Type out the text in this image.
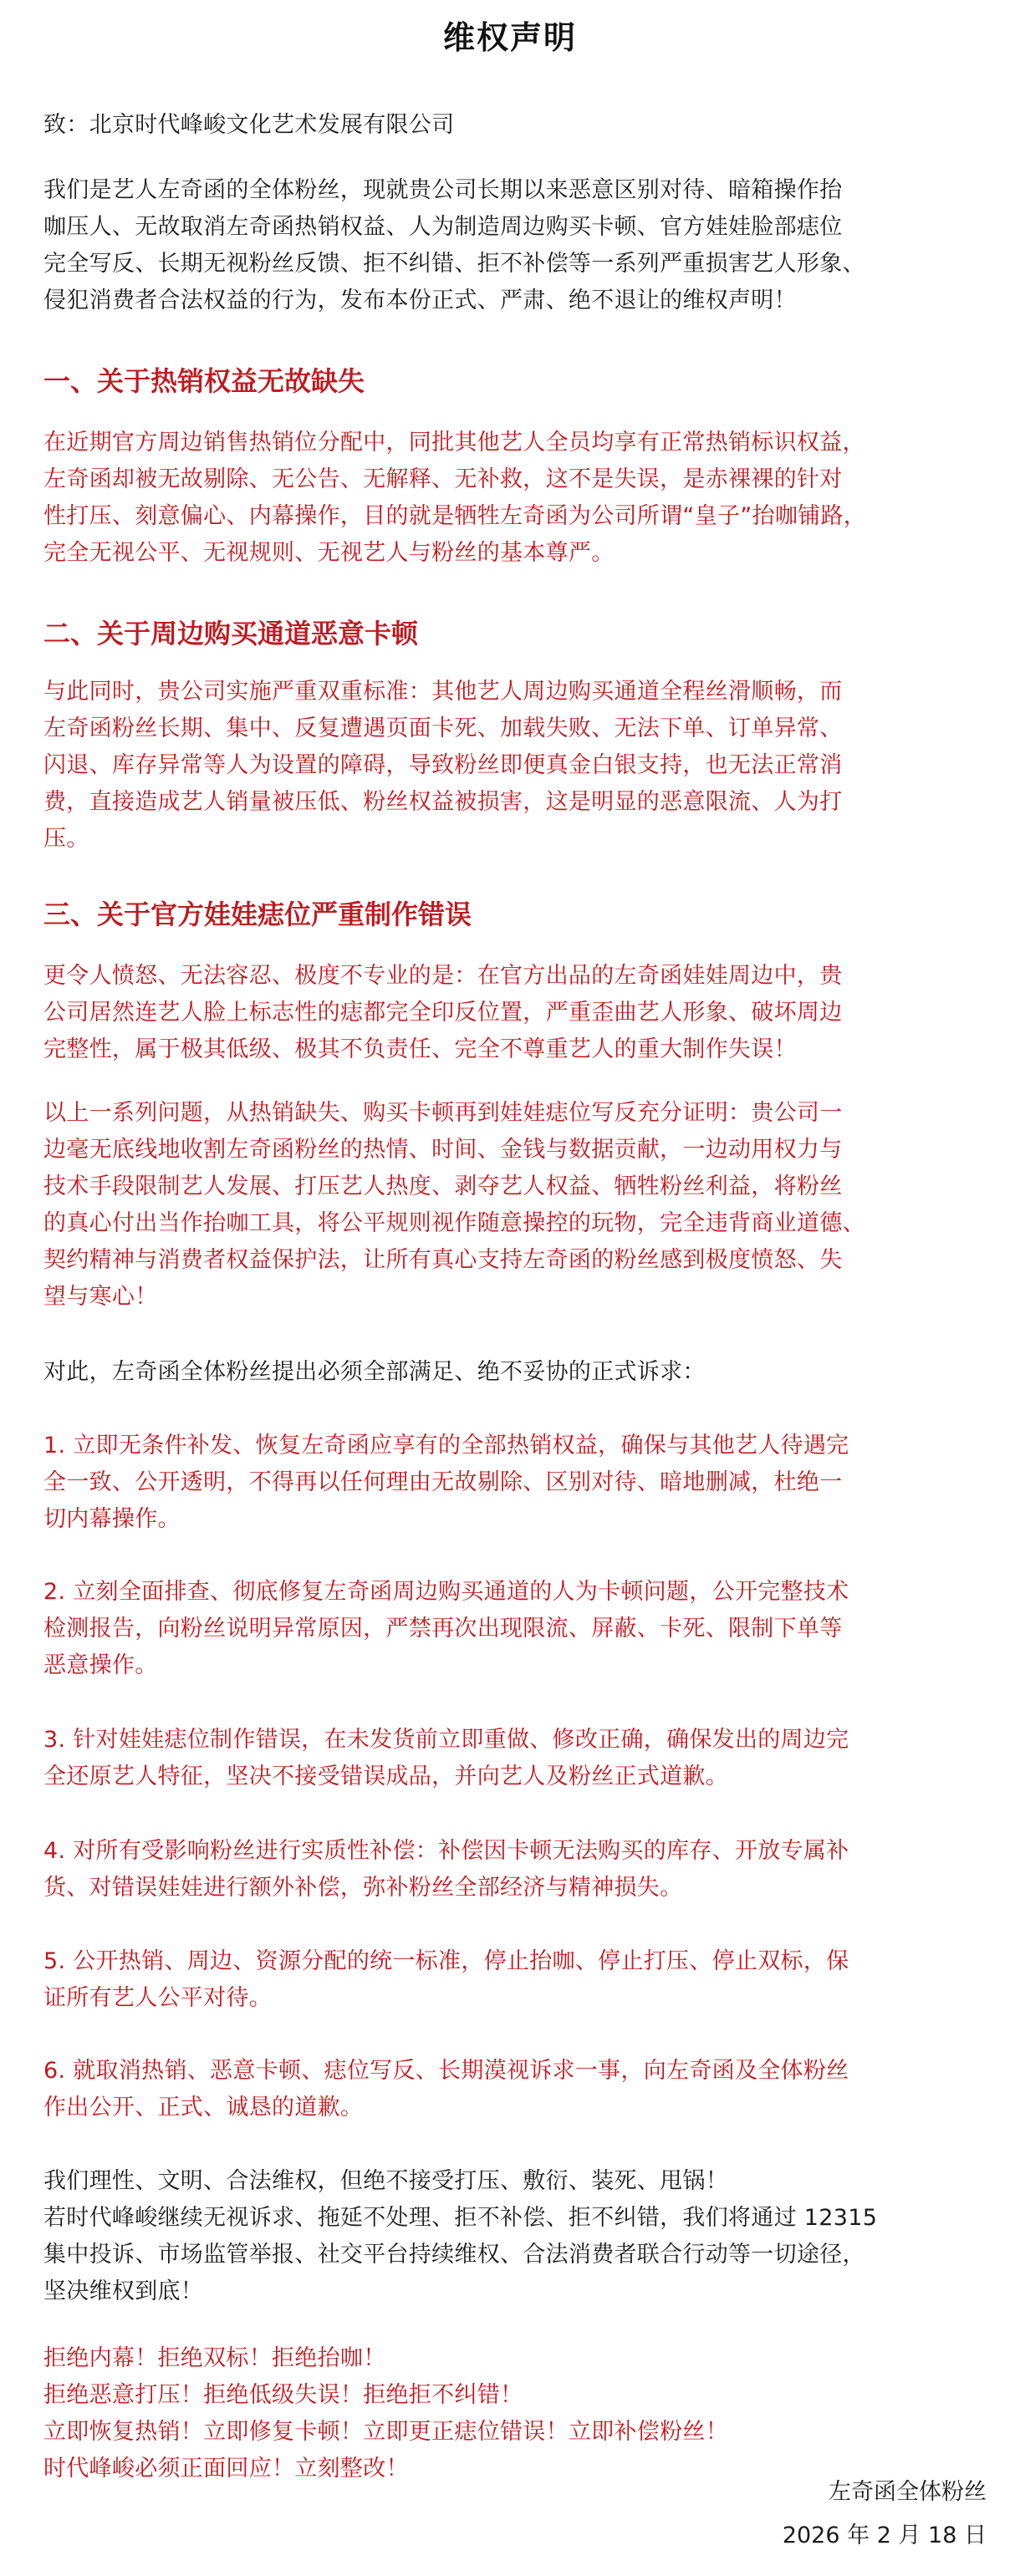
维权声明

致：北京时代峰峻文化艺术发展有限公司

我们是艺人左奇函的全体粉丝，现就贵公司长期以来恶意区别对待、暗箱操作抬
咖压人、无故取消左奇函热销权益、人为制造周边购买卡顿、官方娃娃脸部痣位
完全写反、长期无视粉丝反馈、拒不纠错、拒不补偿等一系列严重损害艺人形象、
侵犯消费者合法权益的行为，发布本份正式、严肃、绝不退让的维权声明！

一、关于热销权益无故缺失

在近期官方周边销售热销位分配中，同批其他艺人全员均享有正常热销标识权益，
左奇函却被无故剔除、无公告、无解释、无补救，这不是失误，是赤裸裸的针对
性打压、刻意偏心、内幕操作，目的就是牺牲左奇函为公司所谓“皇子”抬咖铺路，
完全无视公平、无视规则、无视艺人与粉丝的基本尊严。

二、关于周边购买通道恶意卡顿

与此同时，贵公司实施严重双重标准：其他艺人周边购买通道全程丝滑顺畅，而
左奇函粉丝长期、集中、反复遭遇页面卡死、加载失败、无法下单、订单异常、
闪退、库存异常等人为设置的障碍，导致粉丝即便真金白银支持，也无法正常消
费，直接造成艺人销量被压低、粉丝权益被损害，这是明显的恶意限流、人为打
压。

三、关于官方娃娃痣位严重制作错误

更令人愤怒、无法容忍、极度不专业的是：在官方出品的左奇函娃娃周边中，贵
公司居然连艺人脸上标志性的痣都完全印反位置，严重歪曲艺人形象、破坏周边
完整性，属于极其低级、极其不负责任、完全不尊重艺人的重大制作失误！

以上一系列问题，从热销缺失、购买卡顿再到娃娃痣位写反充分证明：贵公司一
边毫无底线地收割左奇函粉丝的热情、时间、金钱与数据贡献，一边动用权力与
技术手段限制艺人发展、打压艺人热度、剥夺艺人权益、牺牲粉丝利益，将粉丝
的真心付出当作抬咖工具，将公平规则视作随意操控的玩物，完全违背商业道德、
契约精神与消费者权益保护法，让所有真心支持左奇函的粉丝感到极度愤怒、失
望与寒心！

对此，左奇函全体粉丝提出必须全部满足、绝不妥协的正式诉求：

1. 立即无条件补发、恢复左奇函应享有的全部热销权益，确保与其他艺人待遇完
全一致、公开透明，不得再以任何理由无故剔除、区别对待、暗地删减，杜绝一
切内幕操作。

2. 立刻全面排查、彻底修复左奇函周边购买通道的人为卡顿问题，公开完整技术
检测报告，向粉丝说明异常原因，严禁再次出现限流、屏蔽、卡死、限制下单等
恶意操作。

3. 针对娃娃痣位制作错误，在未发货前立即重做、修改正确，确保发出的周边完
全还原艺人特征，坚决不接受错误成品，并向艺人及粉丝正式道歉。

4. 对所有受影响粉丝进行实质性补偿：补偿因卡顿无法购买的库存、开放专属补
货、对错误娃娃进行额外补偿，弥补粉丝全部经济与精神损失。

5. 公开热销、周边、资源分配的统一标准，停止抬咖、停止打压、停止双标，保
证所有艺人公平对待。

6. 就取消热销、恶意卡顿、痣位写反、长期漠视诉求一事，向左奇函及全体粉丝
作出公开、正式、诚恳的道歉。

我们理性、文明、合法维权，但绝不接受打压、敷衍、装死、甩锅！
若时代峰峻继续无视诉求、拖延不处理、拒不补偿、拒不纠错，我们将通过 12315
集中投诉、市场监管举报、社交平台持续维权、合法消费者联合行动等一切途径，
坚决维权到底！

拒绝内幕！拒绝双标！拒绝抬咖！
拒绝恶意打压！拒绝低级失误！拒绝拒不纠错！
立即恢复热销！立即修复卡顿！立即更正痣位错误！立即补偿粉丝！
时代峰峻必须正面回应！立刻整改！

左奇函全体粉丝
2026 年 2 月 18 日
